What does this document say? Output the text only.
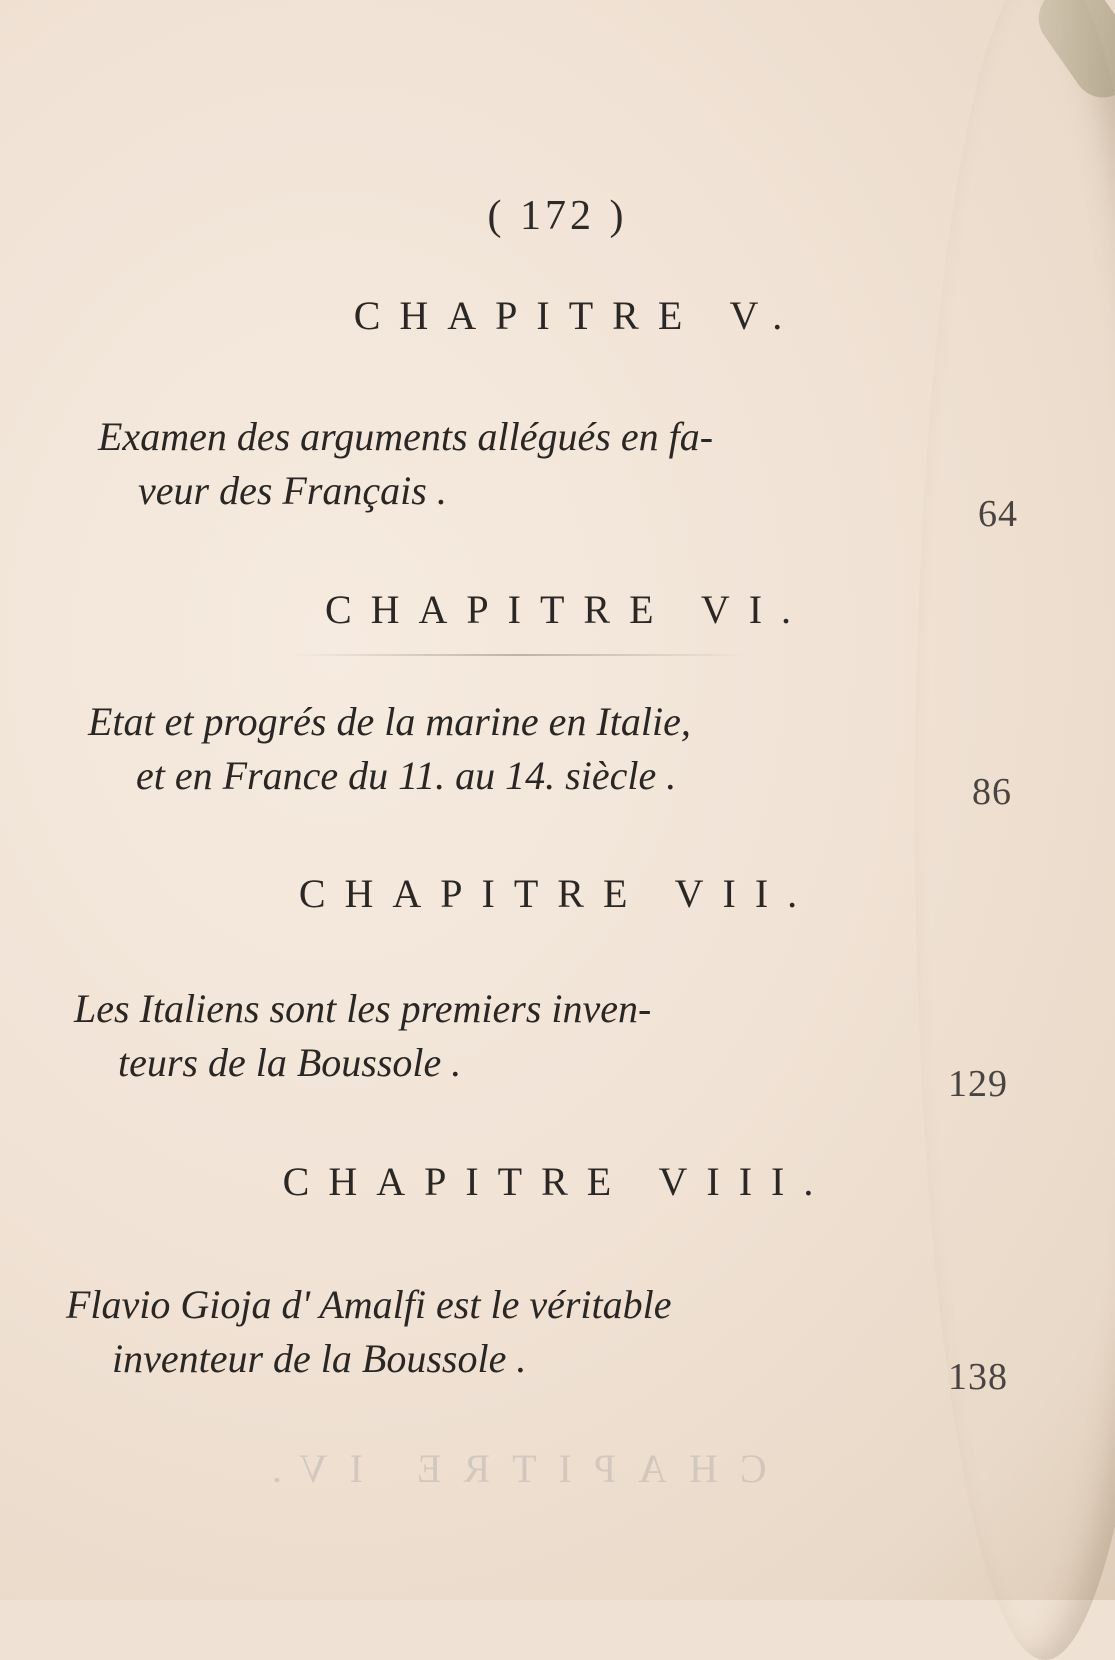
CHAPITRE IV.
( 172 )
CHAPITRE V.
Examen des arguments allégués en fa-
veur des Français .
64
CHAPITRE VI.
Etat et progrés de la marine en Italie,
et en France du 11. au 14. siècle .	86
CHAPITRE VII.
Les Italiens sont les premiers inven-
teurs de la Boussole .	129
CHAPITRE VIII.
Flavio Gioja d' Amalfi est le véritable
inventeur de la Boussole .	138
